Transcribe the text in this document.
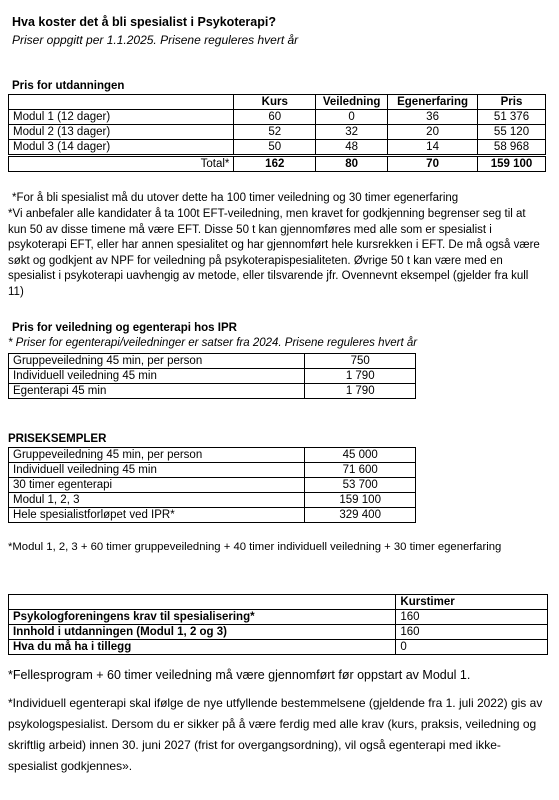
Hva koster det å bli spesialist i Psykoterapi?
Priser oppgitt per 1.1.2025. Prisene reguleres hvert år
Pris for utdanningen
	Kurs	Veiledning	Egenerfaring	Pris
Modul 1 (12 dager)	60	0	36	51 376
Modul 2 (13 dager)	52	32	20	55 120
Modul 3 (14 dager)	50	48	14	58 968
Total*	162	80	70	159 100
*For å bli spesialist må du utover dette ha 100 timer veiledning og 30 timer egenerfaring
*Vi anbefaler alle kandidater å ta 100t EFT-veiledning, men kravet for godkjenning begrenser seg til at kun 50 av disse timene må være EFT. Disse 50 t kan gjennomføres med alle som er spesialist i psykoterapi EFT, eller har annen spesialitet og har gjennomført hele kursrekken i EFT. De må også være søkt og godkjent av NPF for veiledning på psykoterapispesialiteten. Øvrige 50 t kan være med en spesialist i psykoterapi uavhengig av metode, eller tilsvarende jfr. Ovennevnt eksempel (gjelder fra kull 11)
Pris for veiledning og egenterapi hos IPR
* Priser for egenterapi/veiledninger er satser fra 2024. Prisene reguleres hvert år
Gruppeveiledning 45 min, per person	750
Individuell veiledning 45 min	1 790
Egenterapi 45 min	1 790
PRISEKSEMPLER
Gruppeveiledning 45 min, per person	45 000
Individuell veiledning 45 min	71 600
30 timer egenterapi	53 700
Modul 1, 2, 3	159 100
Hele spesialistforløpet ved IPR*	329 400
*Modul 1, 2, 3 + 60 timer gruppeveiledning + 40 timer individuell veiledning + 30 timer egenerfaring
	Kurstimer
Psykologforeningens krav til spesialisering*	160
Innhold i utdanningen (Modul 1, 2 og 3)	160
Hva du må ha i tillegg	0
*Fellesprogram + 60 timer veiledning må være gjennomført før oppstart av Modul 1.
*Individuell egenterapi skal ifølge de nye utfyllende bestemmelsene (gjeldende fra 1. juli 2022) gis av psykologspesialist. Dersom du er sikker på å være ferdig med alle krav (kurs, praksis, veiledning og skriftlig arbeid) innen 30. juni 2027 (frist for overgangsordning), vil også egenterapi med ikke-spesialist godkjennes».
